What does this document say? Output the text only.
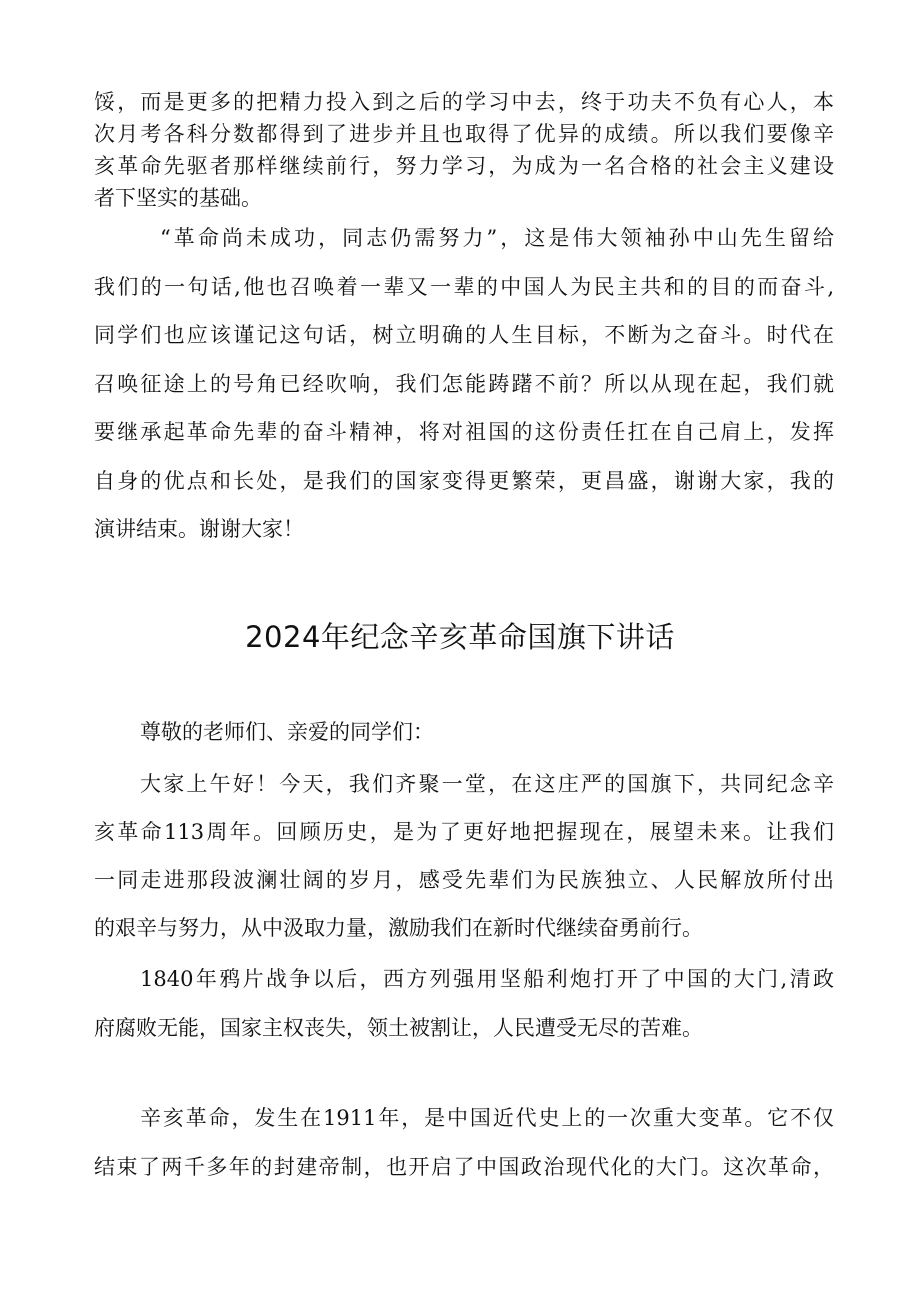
馁，而是更多的把精力投入到之后的学习中去，终于功夫不负有心人，本
次月考各科分数都得到了进步并且也取得了优异的成绩。所以我们要像辛
亥革命先驱者那样继续前行，努力学习，为成为一名合格的社会主义建设
者下坚实的基础。
“革命尚未成功，同志仍需努力”，这是伟大领袖孙中山先生留给
我们的一句话,他也召唤着一辈又一辈的中国人为民主共和的目的而奋斗,
同学们也应该谨记这句话，树立明确的人生目标，不断为之奋斗。时代在
召唤征途上的号角已经吹响，我们怎能踌躇不前？所以从现在起，我们就
要继承起革命先辈的奋斗精神，将对祖国的这份责任扛在自己肩上，发挥
自身的优点和长处，是我们的国家变得更繁荣，更昌盛，谢谢大家，我的
演讲结束。谢谢大家！
2024年纪念辛亥革命国旗下讲话
尊敬的老师们、亲爱的同学们：
大家上午好！今天，我们齐聚一堂，在这庄严的国旗下，共同纪念辛
亥革命113周年。回顾历史，是为了更好地把握现在，展望未来。让我们
一同走进那段波澜壮阔的岁月，感受先辈们为民族独立、人民解放所付出
的艰辛与努力，从中汲取力量，激励我们在新时代继续奋勇前行。
1840年鸦片战争以后，西方列强用坚船利炮打开了中国的大门,清政
府腐败无能，国家主权丧失，领土被割让，人民遭受无尽的苦难。
辛亥革命，发生在1911年，是中国近代史上的一次重大变革。它不仅
结束了两千多年的封建帝制，也开启了中国政治现代化的大门。这次革命，
